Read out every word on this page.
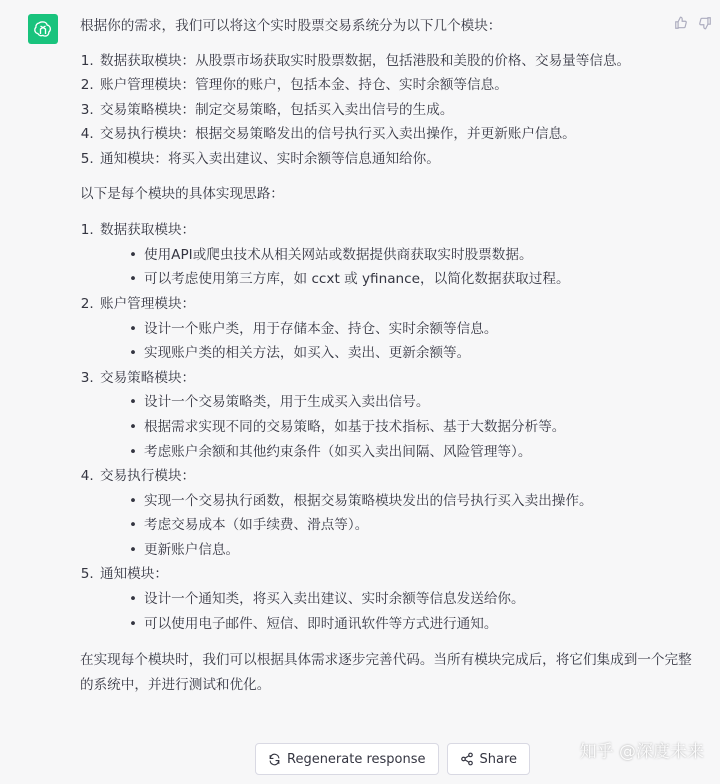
根据你的需求，我们可以将这个实时股票交易系统分为以下几个模块：

1. 数据获取模块：从股票市场获取实时股票数据，包括港股和美股的价格、交易量等信息。
2. 账户管理模块：管理你的账户，包括本金、持仓、实时余额等信息。
3. 交易策略模块：制定交易策略，包括买入卖出信号的生成。
4. 交易执行模块：根据交易策略发出的信号执行买入卖出操作，并更新账户信息。
5. 通知模块：将买入卖出建议、实时余额等信息通知给你。

以下是每个模块的具体实现思路：

1. 数据获取模块：
• 使用API或爬虫技术从相关网站或数据提供商获取实时股票数据。
• 可以考虑使用第三方库，如 ccxt 或 yfinance，以简化数据获取过程。
2. 账户管理模块：
• 设计一个账户类，用于存储本金、持仓、实时余额等信息。
• 实现账户类的相关方法，如买入、卖出、更新余额等。
3. 交易策略模块：
• 设计一个交易策略类，用于生成买入卖出信号。
• 根据需求实现不同的交易策略，如基于技术指标、基于大数据分析等。
• 考虑账户余额和其他约束条件（如买入卖出间隔、风险管理等）。
4. 交易执行模块：
• 实现一个交易执行函数，根据交易策略模块发出的信号执行买入卖出操作。
• 考虑交易成本（如手续费、滑点等）。
• 更新账户信息。
5. 通知模块：
• 设计一个通知类，将买入卖出建议、实时余额等信息发送给你。
• 可以使用电子邮件、短信、即时通讯软件等方式进行通知。

在实现每个模块时，我们可以根据具体需求逐步完善代码。当所有模块完成后，将它们集成到一个完整的系统中，并进行测试和优化。

Regenerate response	Share	知乎 @深度未来
